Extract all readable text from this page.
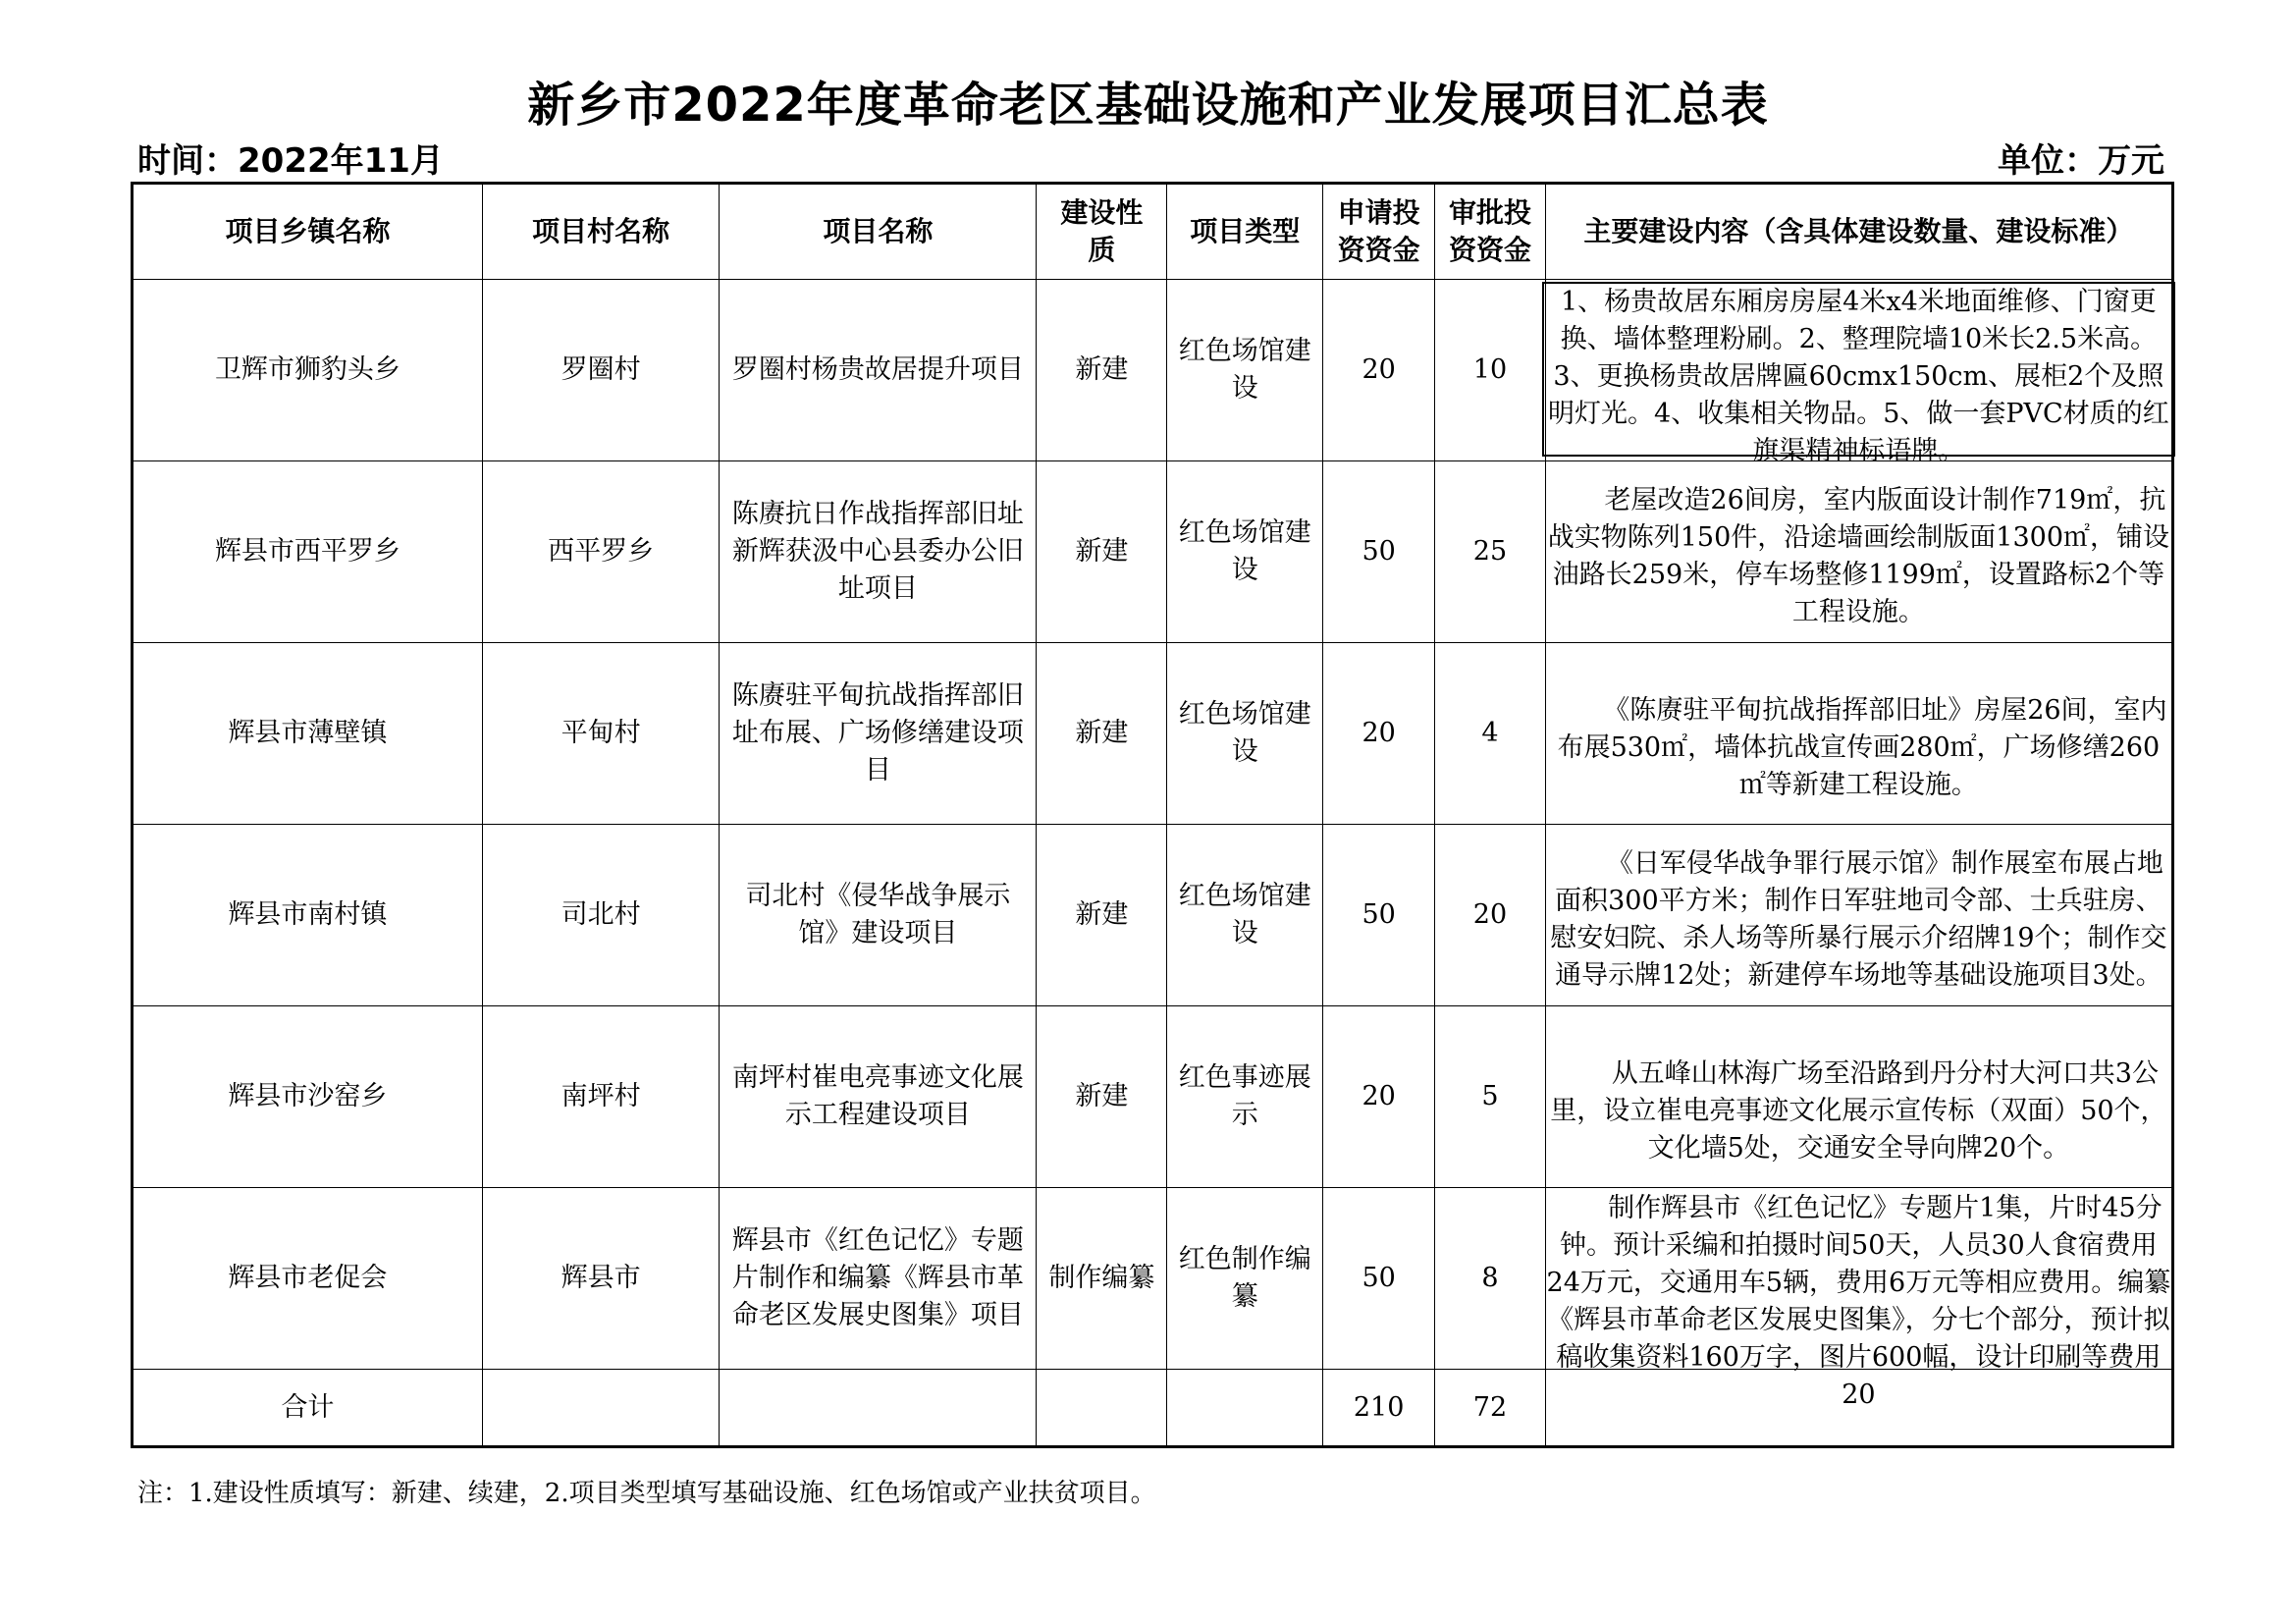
新乡市2022年度革命老区基础设施和产业发展项目汇总表
时间：2022年11月	单位：万元
项目乡镇名称	项目村名称	项目名称	建设性质	项目类型	申请投资资金	审批投资资金	主要建设内容（含具体建设数量、建设标准）
卫辉市狮豹头乡	罗圈村	罗圈村杨贵故居提升项目	新建	红色场馆建设	20	10	1、杨贵故居东厢房房屋4米x4米地面维修、门窗更换、墙体整理粉刷。2、整理院墙10米长2.5米高。3、更换杨贵故居牌匾60cmx150cm、展柜2个及照明灯光。4、收集相关物品。5、做一套PVC材质的红旗渠精神标语牌。

辉县市西平罗乡	西平罗乡	陈赓抗日作战指挥部旧址新辉获汲中心县委办公旧址项目	新建	红色场馆建设	50	25	老屋改造26间房，室内版面设计制作719㎡，抗战实物陈列150件，沿途墙画绘制版面1300㎡，铺设油路长259米，停车场整修1199㎡，设置路标2个等工程设施。

辉县市薄壁镇	平甸村	陈赓驻平甸抗战指挥部旧址布展、广场修缮建设项目	新建	红色场馆建设	20	4	《陈赓驻平甸抗战指挥部旧址》房屋26间，室内布展530㎡，墙体抗战宣传画280㎡，广场修缮260㎡等新建工程设施。

辉县市南村镇	司北村	司北村《侵华战争展示馆》建设项目	新建	红色场馆建设	50	20	《日军侵华战争罪行展示馆》制作展室布展占地面积300平方米；制作日军驻地司令部、士兵驻房、慰安妇院、杀人场等所暴行展示介绍牌19个；制作交通导示牌12处；新建停车场地等基础设施项目3处。

辉县市沙窑乡	南坪村	南坪村崔电亮事迹文化展示工程建设项目	新建	红色事迹展示	20	5	从五峰山林海广场至沿路到丹分村大河口共3公里，设立崔电亮事迹文化展示宣传标（双面）50个，文化墙5处，交通安全导向牌20个。

辉县市老促会	辉县市	辉县市《红色记忆》专题片制作和编纂《辉县市革命老区发展史图集》项目	制作编纂	红色制作编纂	50	8	制作辉县市《红色记忆》专题片1集，片时45分钟。预计采编和拍摄时间50天，人员30人食宿费用24万元，交通用车5辆，费用6万元等相应费用。编纂《辉县市革命老区发展史图集》，分七个部分，预计拟稿收集资料160万字，图片600幅，设计印刷等费用20

合计					210	72	
注：1.建设性质填写：新建、续建，2.项目类型填写基础设施、红色场馆或产业扶贫项目。
